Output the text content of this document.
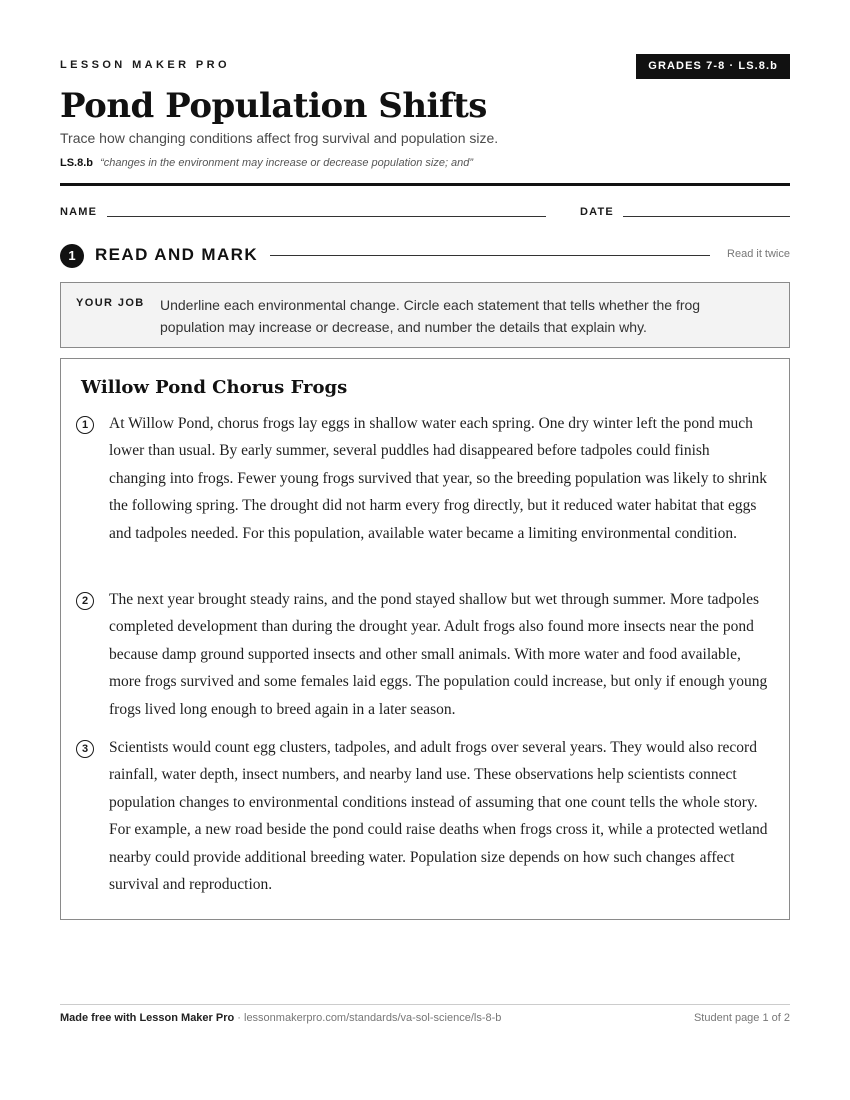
LESSON MAKER PRO	GRADES 7-8 · LS.8.b
Pond Population Shifts
Trace how changing conditions affect frog survival and population size.
LS.8.b “changes in the environment may increase or decrease population size; and”
NAME	DATE
1	READ AND MARK	Read it twice
YOUR JOB Underline each environmental change. Circle each statement that tells whether the frog population may increase or decrease, and number the details that explain why.

Willow Pond Chorus Frogs
1	At Willow Pond, chorus frogs lay eggs in shallow water each spring. One dry winter left the pond much lower than usual. By early summer, several puddles had disappeared before tadpoles could finish changing into frogs. Fewer young frogs survived that year, so the breeding population was likely to shrink the following spring. The drought did not harm every frog directly, but it reduced water habitat that eggs and tadpoles needed. For this population, available water became a limiting environmental condition.

2	The next year brought steady rains, and the pond stayed shallow but wet through summer. More tadpoles completed development than during the drought year. Adult frogs also found more insects near the pond because damp ground supported insects and other small animals. With more water and food available, more frogs survived and some females laid eggs. The population could increase, but only if enough young frogs lived long enough to breed again in a later season.

3	Scientists would count egg clusters, tadpoles, and adult frogs over several years. They would also record rainfall, water depth, insect numbers, and nearby land use. These observations help scientists connect population changes to environmental conditions instead of assuming that one count tells the whole story. For example, a new road beside the pond could raise deaths when frogs cross it, while a protected wetland nearby could provide additional breeding water. Population size depends on how such changes affect survival and reproduction.

Made free with Lesson Maker Pro · lessonmakerpro.com/standards/va-sol-science/ls-8-b	Student page 1 of 2
